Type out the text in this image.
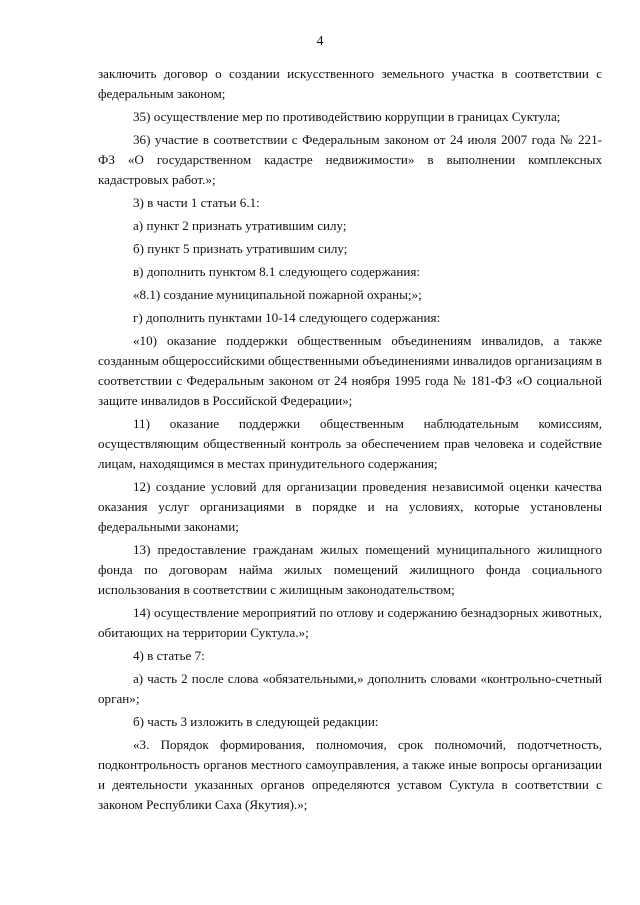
4

заключить договор о создании искусственного земельного участка в соответствии с федеральным законом;

35) осуществление мер по противодействию коррупции в границах Суктула;

36) участие в соответствии с Федеральным законом от 24 июля 2007 года № 221-ФЗ «О государственном кадастре недвижимости» в выполнении комплексных кадастровых работ.»;

3) в части 1 статьи 6.1:

а) пункт 2 признать утратившим силу;

б) пункт 5 признать утратившим силу;

в) дополнить пунктом 8.1 следующего содержания:

«8.1) создание муниципальной пожарной охраны;»;

г) дополнить пунктами 10-14 следующего содержания:

«10) оказание поддержки общественным объединениям инвалидов, а также созданным общероссийскими общественными объединениями инвалидов организациям в соответствии с Федеральным законом от 24 ноября 1995 года № 181-ФЗ «О социальной защите инвалидов в Российской Федерации»;

11) оказание поддержки общественным наблюдательным комиссиям, осуществляющим общественный контроль за обеспечением прав человека и содействие лицам, находящимся в местах принудительного содержания;

12) создание условий для организации проведения независимой оценки качества оказания услуг организациями в порядке и на условиях, которые установлены федеральными законами;

13) предоставление гражданам жилых помещений муниципального жилищного фонда по договорам найма жилых помещений жилищного фонда социального использования в соответствии с жилищным законодательством;

14) осуществление мероприятий по отлову и содержанию безнадзорных животных, обитающих на территории Суктула.»;

4) в статье 7:

а) часть 2 после слова «обязательными,» дополнить словами «контрольно-счетный орган»;

б) часть 3 изложить в следующей редакции:

«3. Порядок формирования, полномочия, срок полномочий, подотчетность, подконтрольность органов местного самоуправления, а также иные вопросы организации и деятельности указанных органов определяются уставом Суктула в соответствии с законом Республики Саха (Якутия).»;
